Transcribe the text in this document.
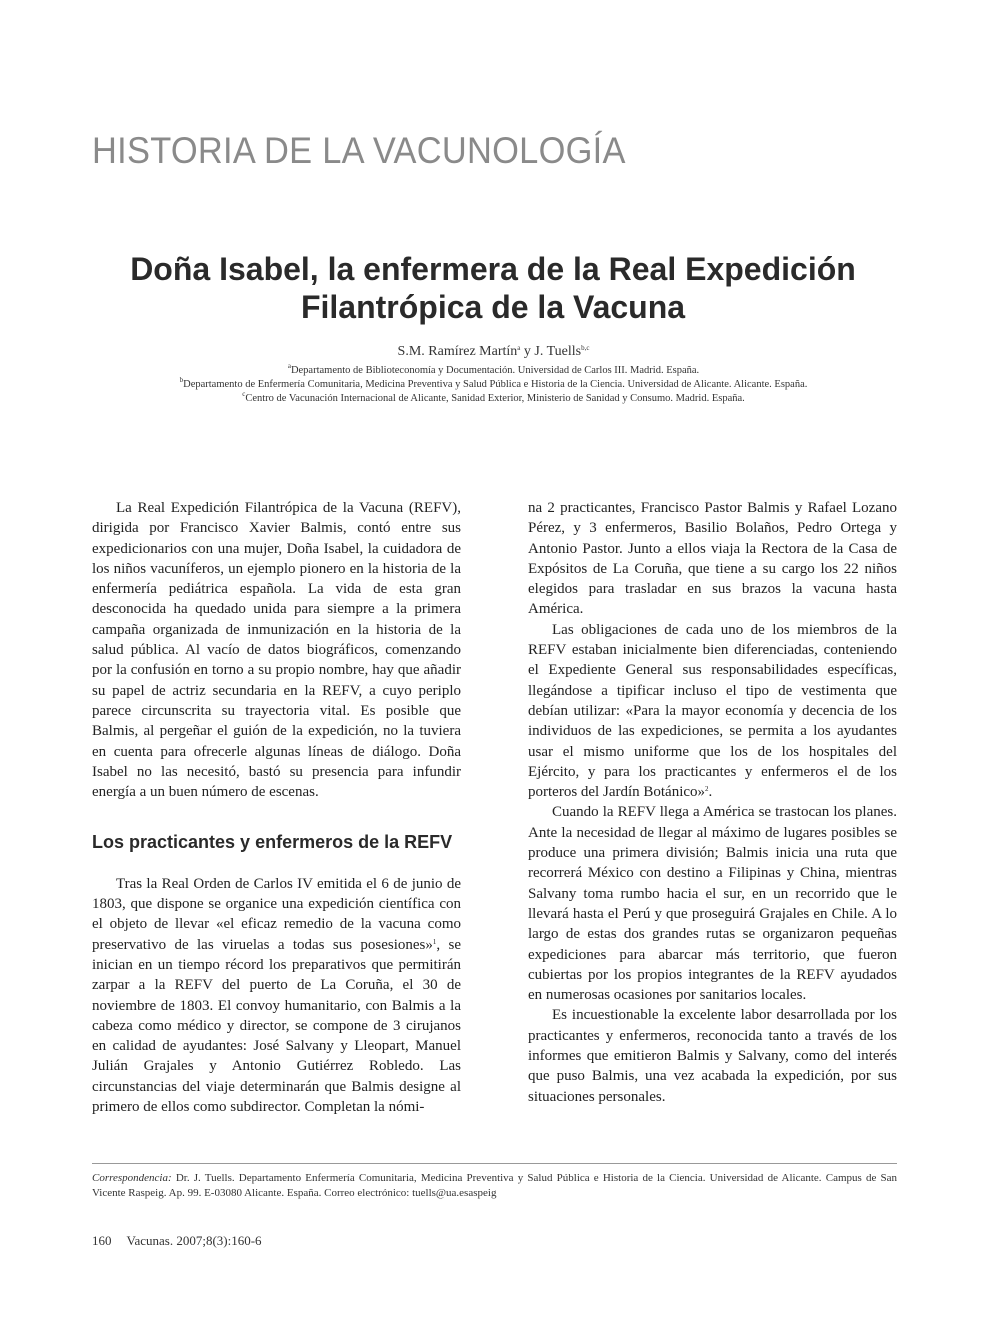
HISTORIA DE LA VACUNOLOGÍA
Doña Isabel, la enfermera de la Real Expedición
Filantrópica de la Vacuna
S.M. Ramírez Martín$^a$ y J. Tuells$^{b,c}$
$^a$Departamento de Biblioteconomía y Documentación. Universidad de Carlos III. Madrid. España.
$^b$Departamento de Enfermería Comunitaria, Medicina Preventiva y Salud Pública e Historia de la Ciencia. Universidad de Alicante. Alicante. España.
$^c$Centro de Vacunación Internacional de Alicante, Sanidad Exterior, Ministerio de Sanidad y Consumo. Madrid. España.

La Real Expedición Filantrópica de la Vacuna (REFV), dirigida por Francisco Xavier Balmis, contó entre sus expedicionarios con una mujer, Doña Isabel, la cuidadora de los niños vacuníferos, un ejemplo pionero en la historia de la enfermería pediátrica española. La vida de esta gran desconocida ha quedado unida para siempre a la primera campaña organizada de inmunización en la historia de la salud pública. Al vacío de datos biográficos, comenzando por la confusión en torno a su propio nombre, hay que añadir su papel de actriz secundaria en la REFV, a cuyo periplo parece circunscrita su trayectoria vital. Es posible que Balmis, al pergeñar el guión de la expedición, no la tuviera en cuenta para ofrecerle algunas líneas de diálogo. Doña Isabel no las necesitó, bastó su presencia para infundir energía a un buen número de escenas.

Los practicantes y enfermeros de la REFV

Tras la Real Orden de Carlos IV emitida el 6 de junio de 1803, que dispone se organice una expedición científica con el objeto de llevar «el eficaz remedio de la vacuna como preservativo de las viruelas a todas sus posesiones»$^1$, se inician en un tiempo récord los preparativos que permitirán zarpar a la REFV del puerto de La Coruña, el 30 de noviembre de 1803. El convoy humanitario, con Balmis a la cabeza como médico y director, se compone de 3 cirujanos en calidad de ayudantes: José Salvany y Lleopart, Manuel Julián Grajales y Antonio Gutiérrez Robledo. Las circunstancias del viaje determinarán que Balmis designe al primero de ellos como subdirector. Completan la nómi-

na 2 practicantes, Francisco Pastor Balmis y Rafael Lozano Pérez, y 3 enfermeros, Basilio Bolaños, Pedro Ortega y Antonio Pastor. Junto a ellos viaja la Rectora de la Casa de Expósitos de La Coruña, que tiene a su cargo los 22 niños elegidos para trasladar en sus brazos la vacuna hasta América.

Las obligaciones de cada uno de los miembros de la REFV estaban inicialmente bien diferenciadas, conteniendo el Expediente General sus responsabilidades específicas, llegándose a tipificar incluso el tipo de vestimenta que debían utilizar: «Para la mayor economía y decencia de los individuos de las expediciones, se permita a los ayudantes usar el mismo uniforme que los de los hospitales del Ejército, y para los practicantes y enfermeros el de los porteros del Jardín Botánico»$^2$.

Cuando la REFV llega a América se trastocan los planes. Ante la necesidad de llegar al máximo de lugares posibles se produce una primera división; Balmis inicia una ruta que recorrerá México con destino a Filipinas y China, mientras Salvany toma rumbo hacia el sur, en un recorrido que le llevará hasta el Perú y que proseguirá Grajales en Chile. A lo largo de estas dos grandes rutas se organizaron pequeñas expediciones para abarcar más territorio, que fueron cubiertas por los propios integrantes de la REFV ayudados en numerosas ocasiones por sanitarios locales.

Es incuestionable la excelente labor desarrollada por los practicantes y enfermeros, reconocida tanto a través de los informes que emitieron Balmis y Salvany, como del interés que puso Balmis, una vez acabada la expedición, por sus situaciones personales.

Correspondencia: Dr. J. Tuells. Departamento Enfermería Comunitaria, Medicina Preventiva y Salud Pública e Historia de la Ciencia. Universidad de Alicante. Campus de San Vicente Raspeig. Ap. 99. E-03080 Alicante. España. Correo electrónico: tuells@ua.esaspeig
160 Vacunas. 2007;8(3):160-6
